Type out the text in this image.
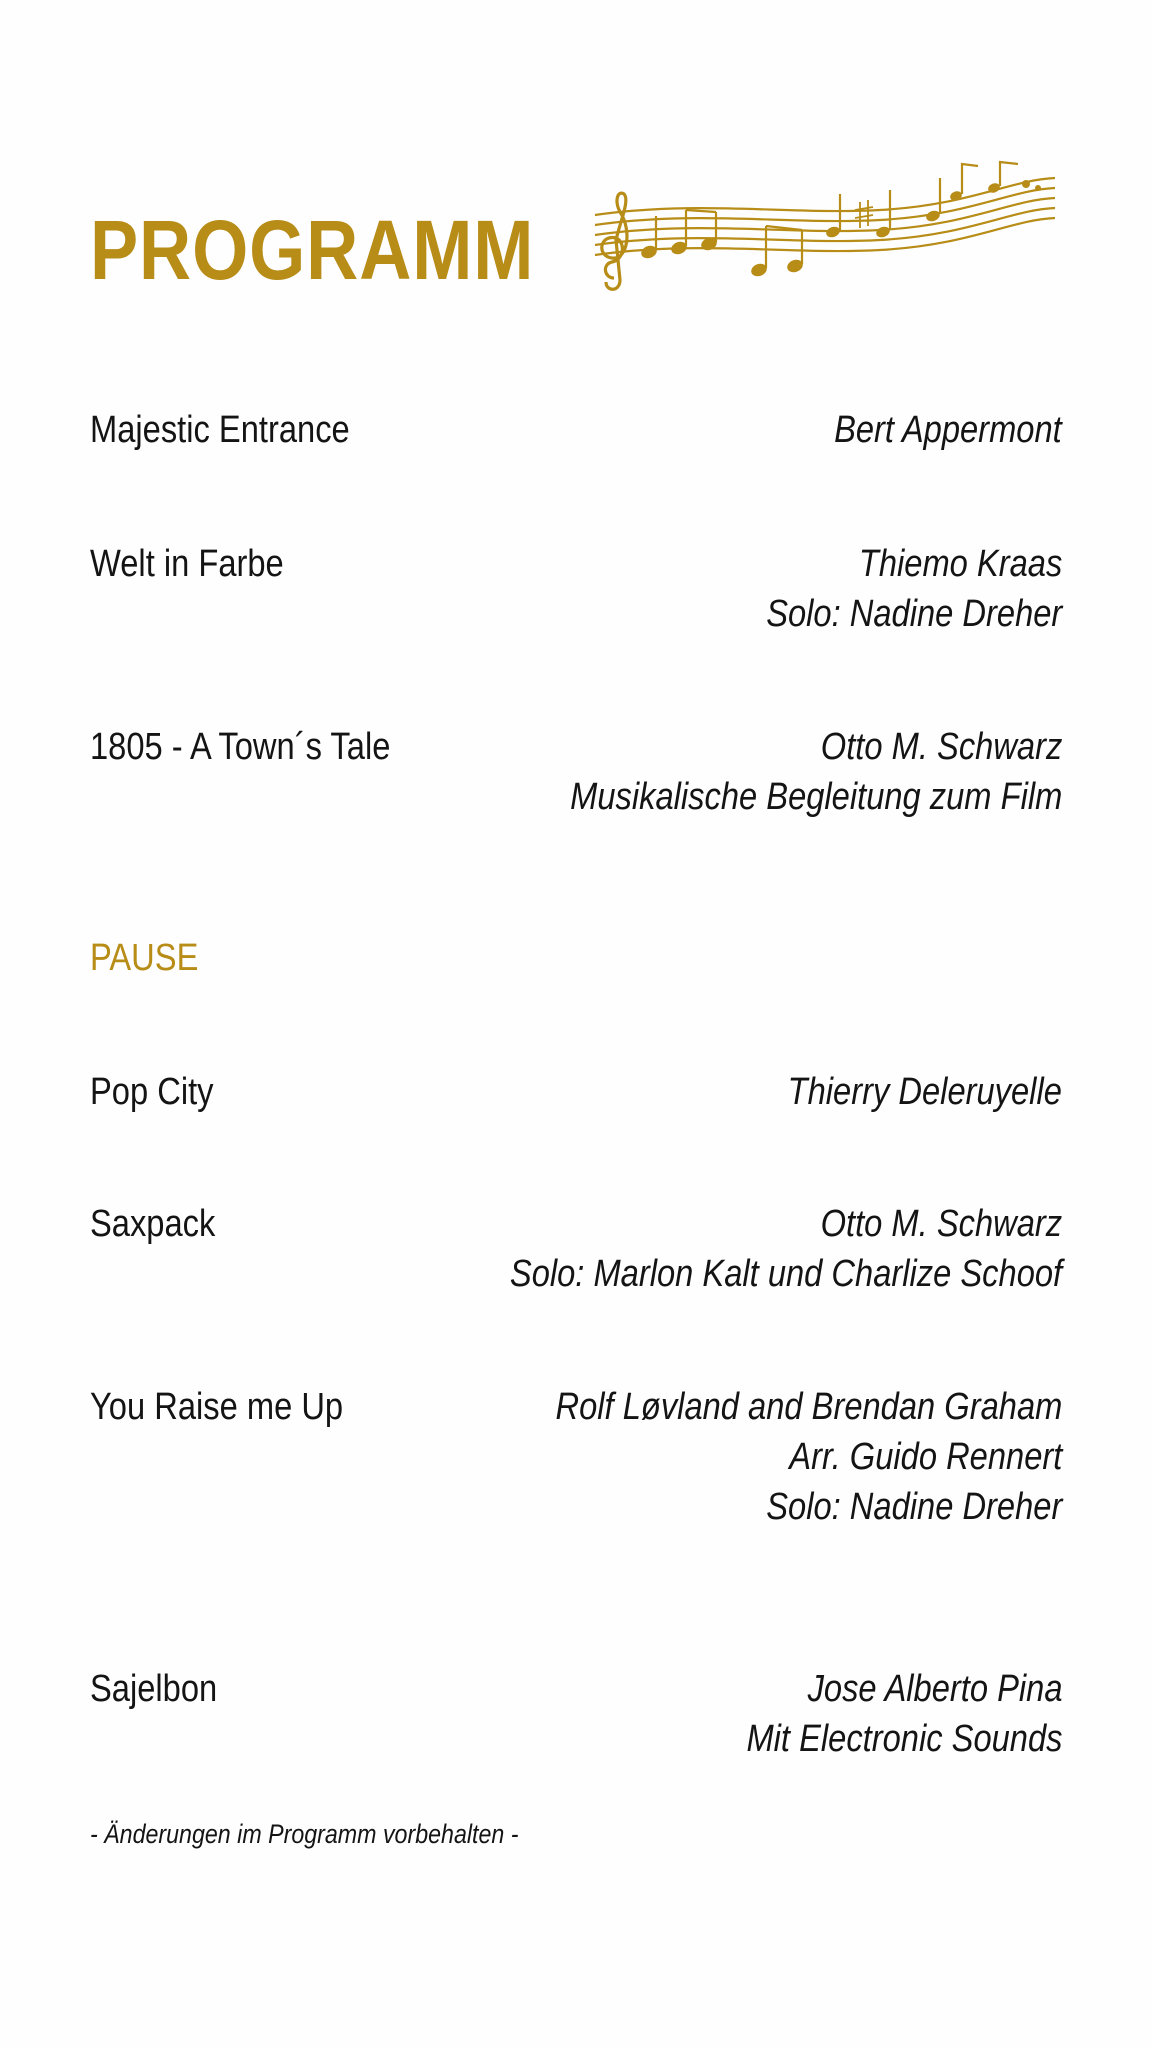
PROGRAMM
Majestic Entrance	Bert Appermont
Welt in Farbe	Thiemo Kraas
Solo: Nadine Dreher
1805 - A Town´s Tale	Otto M. Schwarz
Musikalische Begleitung zum Film
PAUSE
Pop City	Thierry Deleruyelle
Saxpack	Otto M. Schwarz
Solo: Marlon Kalt und Charlize Schoof
You Raise me Up	Rolf Løvland and Brendan Graham
Arr. Guido Rennert
Solo: Nadine Dreher
Sajelbon	Jose Alberto Pina
Mit Electronic Sounds
- Änderungen im Programm vorbehalten -
